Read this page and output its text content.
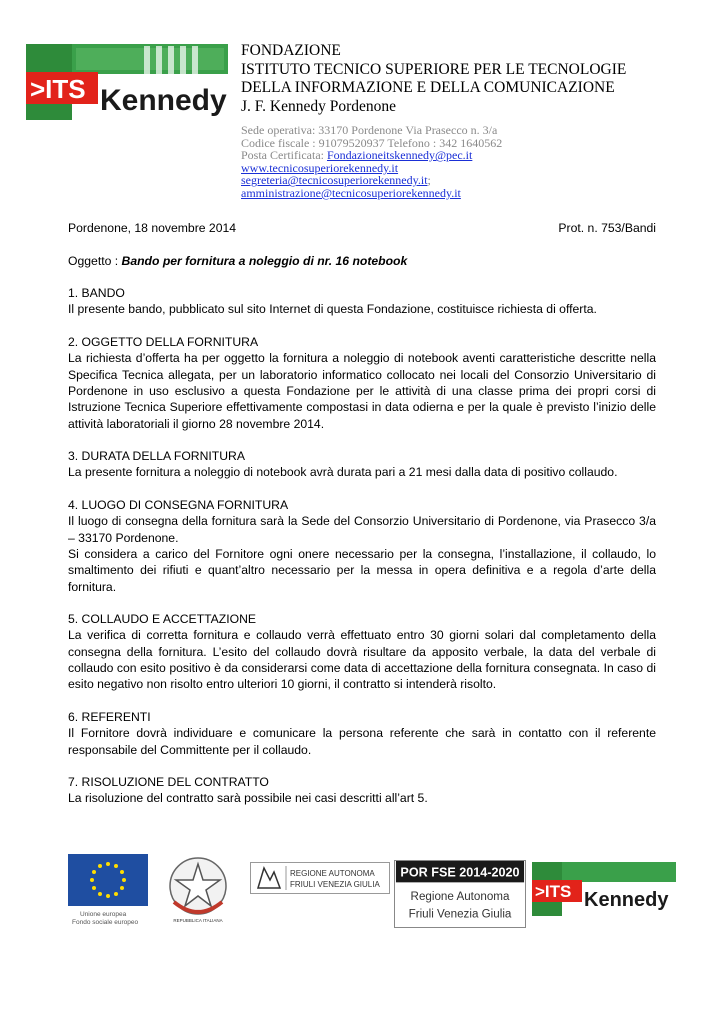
>ITS Kennedy
FONDAZIONE
ISTITUTO TECNICO SUPERIORE PER LE TECNOLOGIE
DELLA INFORMAZIONE E DELLA COMUNICAZIONE
J. F. Kennedy Pordenone
Sede operativa: 33170 Pordenone Via Prasecco n. 3/a
Codice fiscale : 91079520937 Telefono : 342 1640562
Posta Certificata: Fondazioneitskennedy@pec.it
www.tecnicosuperiorekennedy.it
segreteria@tecnicosuperiorekennedy.it;
amministrazione@tecnicosuperiorekennedy.it
Pordenone, 18 novembre 2014	Prot. n. 753/Bandi
Oggetto : Bando per fornitura a noleggio di nr. 16 notebook
1. BANDO
Il presente bando, pubblicato sul sito Internet di questa Fondazione, costituisce richiesta di offerta.
2. OGGETTO DELLA FORNITURA
La richiesta d’offerta ha per oggetto la fornitura a noleggio di notebook aventi caratteristiche descritte nella Specifica Tecnica allegata, per un laboratorio informatico collocato nei locali del Consorzio Universitario di Pordenone in uso esclusivo a questa Fondazione per le attività di una classe prima dei propri corsi di Istruzione Tecnica Superiore effettivamente compostasi in data odierna e per la quale è previsto l’inizio delle attività laboratoriali il giorno 28 novembre 2014.
3. DURATA DELLA FORNITURA
La presente fornitura a noleggio di notebook avrà durata pari a 21 mesi dalla data di positivo collaudo.
4. LUOGO DI CONSEGNA FORNITURA
Il luogo di consegna della fornitura sarà la Sede del Consorzio Universitario di Pordenone, via Prasecco 3/a – 33170 Pordenone.
Si considera a carico del Fornitore ogni onere necessario per la consegna, l’installazione, il collaudo, lo smaltimento dei rifiuti e quant’altro necessario per la messa in opera definitiva e a regola d’arte della fornitura.
5. COLLAUDO E ACCETTAZIONE
La verifica di corretta fornitura e collaudo verrà effettuato entro 30 giorni solari dal completamento della consegna della fornitura. L’esito del collaudo dovrà risultare da apposito verbale, la data del verbale di collaudo con esito positivo è da considerarsi come data di accettazione della fornitura consegnata. In caso di esito negativo non risolto entro ulteriori 10 giorni, il contratto si intenderà risolto.
6. REFERENTI
Il Fornitore dovrà individuare e comunicare la persona referente che sarà in contatto con il referente responsabile del Committente per il collaudo.
7. RISOLUZIONE DEL CONTRATTO
La risoluzione del contratto sarà possibile nei casi descritti all’art 5.
Unione europea
Fondo sociale europeo	REPUBBLICA ITALIANA
REGIONE AUTONOMA
FRIULI VENEZIA GIULIA
POR FSE 2014-2020
Regione Autonoma
Friuli Venezia Giulia
>ITS Kennedy
